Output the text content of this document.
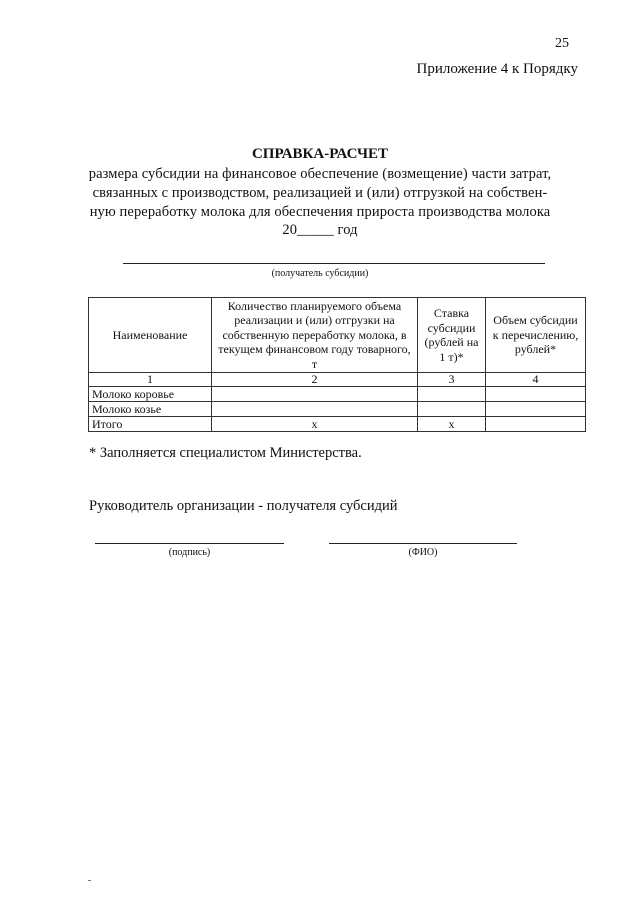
25
Приложение 4 к Порядку
СПРАВКА-РАСЧЕТ
размера субсидии на финансовое обеспечение (возмещение) части затрат,
связанных с производством, реализацией и (или) отгрузкой на собствен-
ную переработку молока для обеспечения прироста производства молока
20_____ год
(получатель субсидии)
Наименование	Количество планируемого объема реализации и (или) отгрузки на собственную переработку молока, в текущем финансовом году товарного, т	Ставка субсидии (рублей на 1 т)*	Объем субсидии к перечислению, рублей*
1	2	3	4
Молоко коровье			
Молоко козье			
Итого	х	х	
* Заполняется специалистом Министерства.
Руководитель организации - получателя субсидий
(подпись)	(ФИО)
